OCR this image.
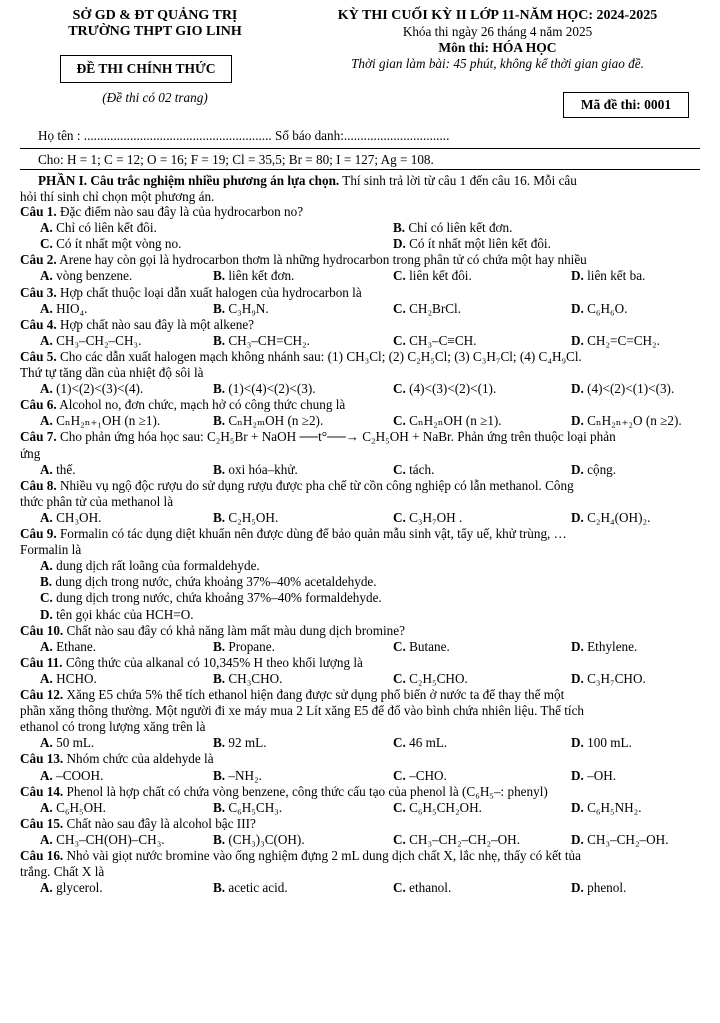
SỞ GD & ĐT QUẢNG TRỊ
TRƯỜNG THPT GIO LINH
ĐỀ THI CHÍNH THỨC
(Đề thi có 02 trang)
KỲ THI CUỐI KỲ II LỚP 11-NĂM HỌC: 2024-2025
Khóa thi ngày 26 tháng 4 năm 2025
Môn thi: HÓA HỌC
Thời gian làm bài: 45 phút, không kể thời gian giao đề.
Mã đề thi: 0001
Họ tên : ......................................................... Số báo danh:................................
Cho: H = 1; C = 12; O = 16; F = 19; Cl = 35,5; Br = 80; I = 127; Ag = 108.
PHẦN I. Câu trắc nghiệm nhiều phương án lựa chọn. Thí sinh trả lời từ câu 1 đến câu 16. Mỗi câu
hỏi thí sinh chỉ chọn một phương án.
Câu 1. Đặc điểm nào sau đây là của hydrocarbon no?
A. Chỉ có liên kết đôi.	B. Chỉ có liên kết đơn.
C. Có ít nhất một vòng no.	D. Có ít nhất một liên kết đôi.
Câu 2. Arene hay còn gọi là hydrocarbon thơm là những hydrocarbon trong phân tử có chứa một hay nhiều
A. vòng benzene.	B. liên kết đơn.	C. liên kết đôi.	D. liên kết ba.
Câu 3. Hợp chất thuộc loại dẫn xuất halogen của hydrocarbon là
A. HIO₄.	B. C₃H₉N.	C. CH₂BrCl.	D. C₆H₆O.
Câu 4. Hợp chất nào sau đây là một alkene?
A. CH₃–CH₂–CH₃.	B. CH₃–CH=CH₂.	C. CH₃–C≡CH.	D. CH₂=C=CH₂.
Câu 5. Cho các dẫn xuất halogen mạch không nhánh sau: (1) CH₃Cl; (2) C₂H₅Cl; (3) C₃H₇Cl; (4) C₄H₉Cl.
Thứ tự tăng dần của nhiệt độ sôi là
A. (1)<(2)<(3)<(4).	B. (1)<(4)<(2)<(3).	C. (4)<(3)<(2)<(1).	D. (4)<(2)<(1)<(3).
Câu 6. Alcohol no, đơn chức, mạch hở có công thức chung là
A. CₙH₂ₙ₊₁OH (n ≥1).	B. CₙH₂ₘOH (n ≥2).	C. CₙH₂ₙOH (n ≥1).	D. CₙH₂ₙ₊₂O (n ≥2).
Câu 7. Cho phản ứng hóa học sau: C₂H₅Br + NaOH ──t°──→ C₂H₅OH + NaBr. Phản ứng trên thuộc loại phản
ứng
A. thế.	B. oxi hóa–khử.	C. tách.	D. cộng.
Câu 8. Nhiều vụ ngộ độc rượu do sử dụng rượu được pha chế từ cồn công nghiệp có lẫn methanol. Công
thức phân tử của methanol là
A. CH₃OH.	B. C₂H₅OH.	C. C₃H₇OH .	D. C₂H₄(OH)₂.
Câu 9. Formalin có tác dụng diệt khuẩn nên được dùng để bảo quản mẫu sinh vật, tẩy uế, khử trùng, …
Formalin là
A. dung dịch rất loãng của formaldehyde.
B. dung dịch trong nước, chứa khoảng 37%–40% acetaldehyde.
C. dung dịch trong nước, chứa khoảng 37%–40% formaldehyde.
D. tên gọi khác của HCH=O.
Câu 10. Chất nào sau đây có khả năng làm mất màu dung dịch bromine?
A. Ethane.	B. Propane.	C. Butane.	D. Ethylene.
Câu 11. Công thức của alkanal có 10,345% H theo khối lượng là
A. HCHO.	B. CH₃CHO.	C. C₂H₅CHO.	D. C₃H₇CHO.
Câu 12. Xăng E5 chứa 5% thể tích ethanol hiện đang được sử dụng phổ biến ở nước ta để thay thế một
phần xăng thông thường. Một người đi xe máy mua 2 Lít xăng E5 để đổ vào bình chứa nhiên liệu. Thể tích
ethanol có trong lượng xăng trên là
A. 50 mL.	B. 92 mL.	C. 46 mL.	D. 100 mL.
Câu 13. Nhóm chức của aldehyde là
A. –COOH.	B. –NH₂.	C. –CHO.	D. –OH.
Câu 14. Phenol là hợp chất có chứa vòng benzene, công thức cấu tạo của phenol là (C₆H₅–: phenyl)
A. C₆H₅OH.	B. C₆H₅CH₃.	C. C₆H₅CH₂OH.	D. C₆H₅NH₂.
Câu 15. Chất nào sau đây là alcohol bậc III?
A. CH₃–CH(OH)–CH₃.	B. (CH₃)₃C(OH).	C. CH₃–CH₂–CH₂–OH.	D. CH₃–CH₂–OH.
Câu 16. Nhỏ vài giọt nước bromine vào ống nghiệm đựng 2 mL dung dịch chất X, lắc nhẹ, thấy có kết tủa
trắng. Chất X là
A. glycerol.	B. acetic acid.	C. ethanol.	D. phenol.
